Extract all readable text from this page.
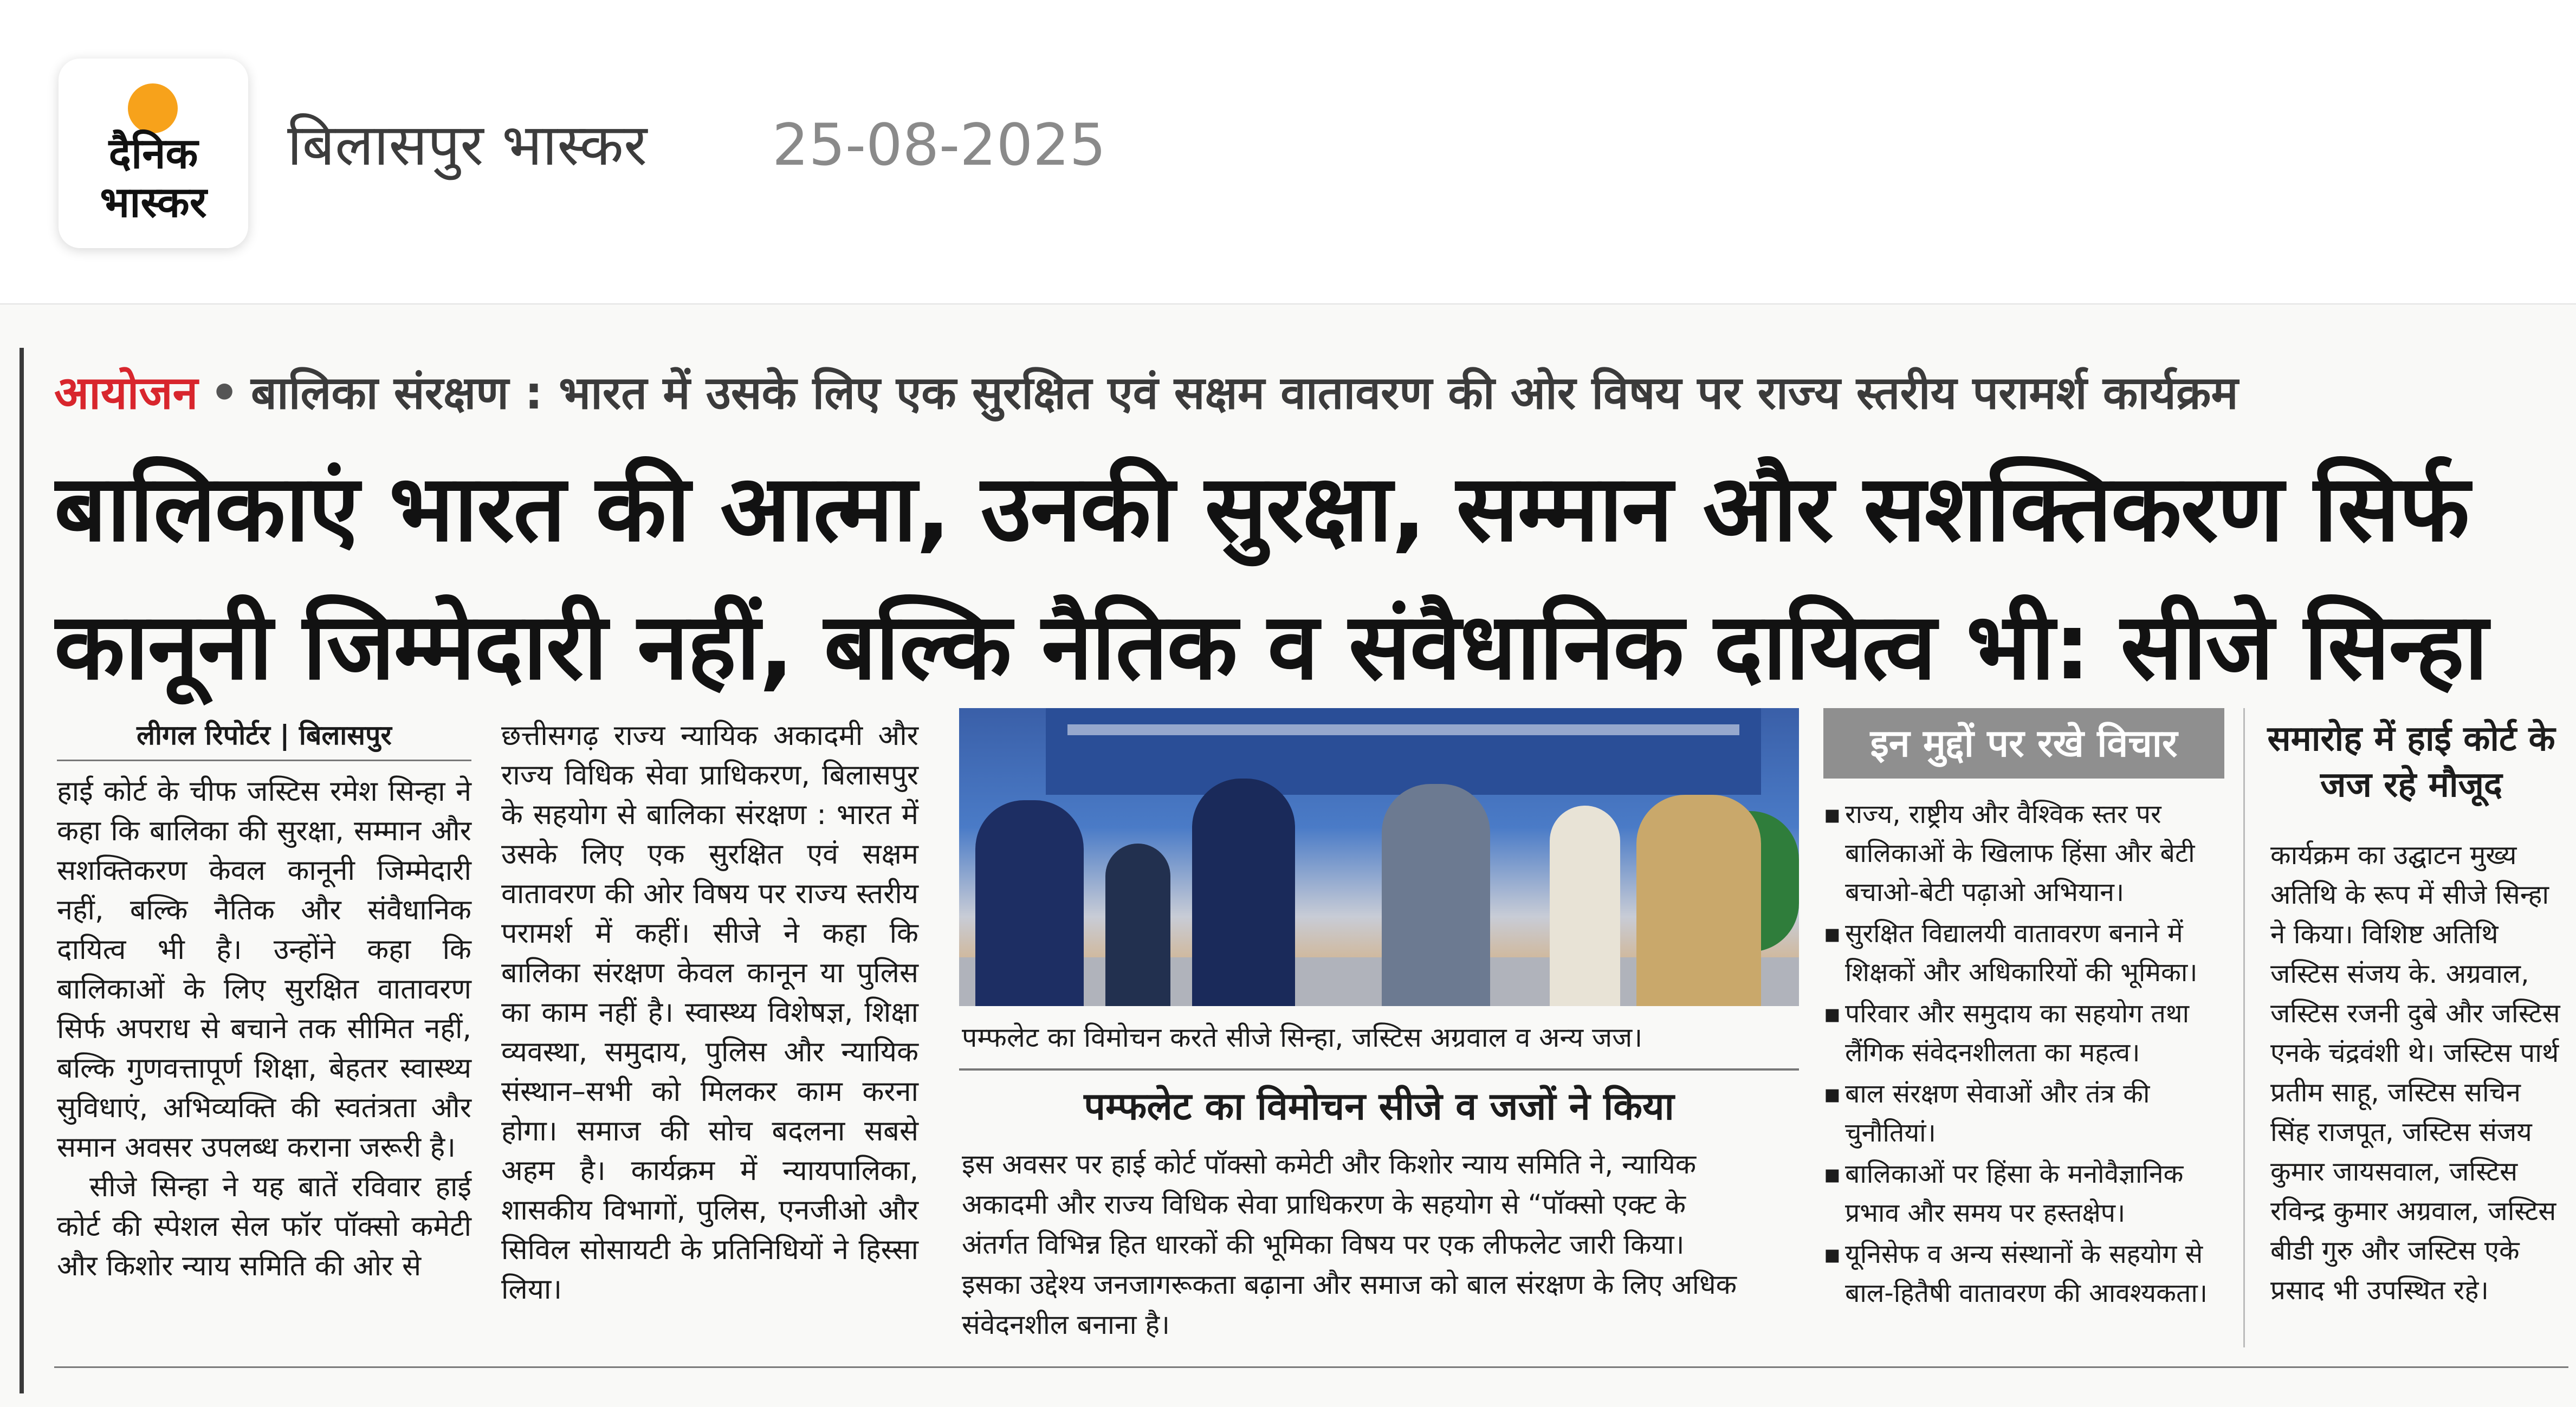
दैनिक
भास्कर
बिलासपुर भास्कर 25-08-2025
आयोजन • बालिका संरक्षण : भारत में उसके लिए एक सुरक्षित एवं सक्षम वातावरण की ओर विषय पर राज्य स्तरीय परामर्श कार्यक्रम
बालिकाएं भारत की आत्मा, उनकी सुरक्षा, सम्मान और सशक्तिकरण सिर्फ
कानूनी जिम्मेदारी नहीं, बल्कि नैतिक व संवैधानिक दायित्व भी: सीजे सिन्हा
लीगल रिपोर्टर | बिलासपुर

हाई कोर्ट के चीफ जस्टिस रमेश सिन्हा ने कहा कि बालिका की सुरक्षा, सम्मान और सशक्तिकरण केवल कानूनी जिम्मेदारी नहीं, बल्कि नैतिक और संवैधानिक दायित्व भी है। उन्होंने कहा कि बालिकाओं के लिए सुरक्षित वातावरण सिर्फ अपराध से बचाने तक सीमित नहीं, बल्कि गुणवत्तापूर्ण शिक्षा, बेहतर स्वास्थ्य सुविधाएं, अभिव्यक्ति की स्वतंत्रता और समान अवसर उपलब्ध कराना जरूरी है।

सीजे सिन्हा ने यह बातें रविवार हाई कोर्ट की स्पेशल सेल फॉर पॉक्सो कमेटी और किशोर न्याय समिति की ओर से

छत्तीसगढ़ राज्य न्यायिक अकादमी और राज्य विधिक सेवा प्राधिकरण, बिलासपुर के सहयोग से बालिका संरक्षण : भारत में उसके लिए एक सुरक्षित एवं सक्षम वातावरण की ओर विषय पर राज्य स्तरीय परामर्श में कहीं। सीजे ने कहा कि बालिका संरक्षण केवल कानून या पुलिस का काम नहीं है। स्वास्थ्य विशेषज्ञ, शिक्षा व्यवस्था, समुदाय, पुलिस और न्यायिक संस्थान–सभी को मिलकर काम करना होगा। समाज की सोच बदलना सबसे अहम है। कार्यक्रम में न्यायपालिका, शासकीय विभागों, पुलिस, एनजीओ और सिविल सोसायटी के प्रतिनिधियों ने हिस्सा लिया।

पम्फलेट का विमोचन करते सीजे सिन्हा, जस्टिस अग्रवाल व अन्य जज।
पम्फलेट का विमोचन सीजे व जजों ने किया
इस अवसर पर हाई कोर्ट पॉक्सो कमेटी और किशोर न्याय समिति ने, न्यायिक अकादमी और राज्य विधिक सेवा प्राधिकरण के सहयोग से “पॉक्सो एक्ट के अंतर्गत विभिन्न हित धारकों की भूमिका विषय पर एक लीफलेट जारी किया। इसका उद्देश्य जनजागरूकता बढ़ाना और समाज को बाल संरक्षण के लिए अधिक संवेदनशील बनाना है।
इन मुद्दों पर रखे विचार
▪ राज्य, राष्ट्रीय और वैश्विक स्तर पर बालिकाओं के खिलाफ हिंसा और बेटी बचाओ-बेटी पढ़ाओ अभियान।
▪ सुरक्षित विद्यालयी वातावरण बनाने में शिक्षकों और अधिकारियों की भूमिका।
▪ परिवार और समुदाय का सहयोग तथा लैंगिक संवेदनशीलता का महत्व।
▪ बाल संरक्षण सेवाओं और तंत्र की चुनौतियां।
▪ बालिकाओं पर हिंसा के मनोवैज्ञानिक प्रभाव और समय पर हस्तक्षेप।
▪ यूनिसेफ व अन्य संस्थानों के सहयोग से बाल-हितैषी वातावरण की आवश्यकता।
समारोह में हाई कोर्ट के जज रहे मौजूद
कार्यक्रम का उद्घाटन मुख्य अतिथि के रूप में सीजे सिन्हा ने किया। विशिष्ट अतिथि जस्टिस संजय के. अग्रवाल, जस्टिस रजनी दुबे और जस्टिस एनके चंद्रवंशी थे। जस्टिस पार्थ प्रतीम साहू, जस्टिस सचिन सिंह राजपूत, जस्टिस संजय कुमार जायसवाल, जस्टिस रविन्द्र कुमार अग्रवाल, जस्टिस बीडी गुरु और जस्टिस एके प्रसाद भी उपस्थित रहे।
